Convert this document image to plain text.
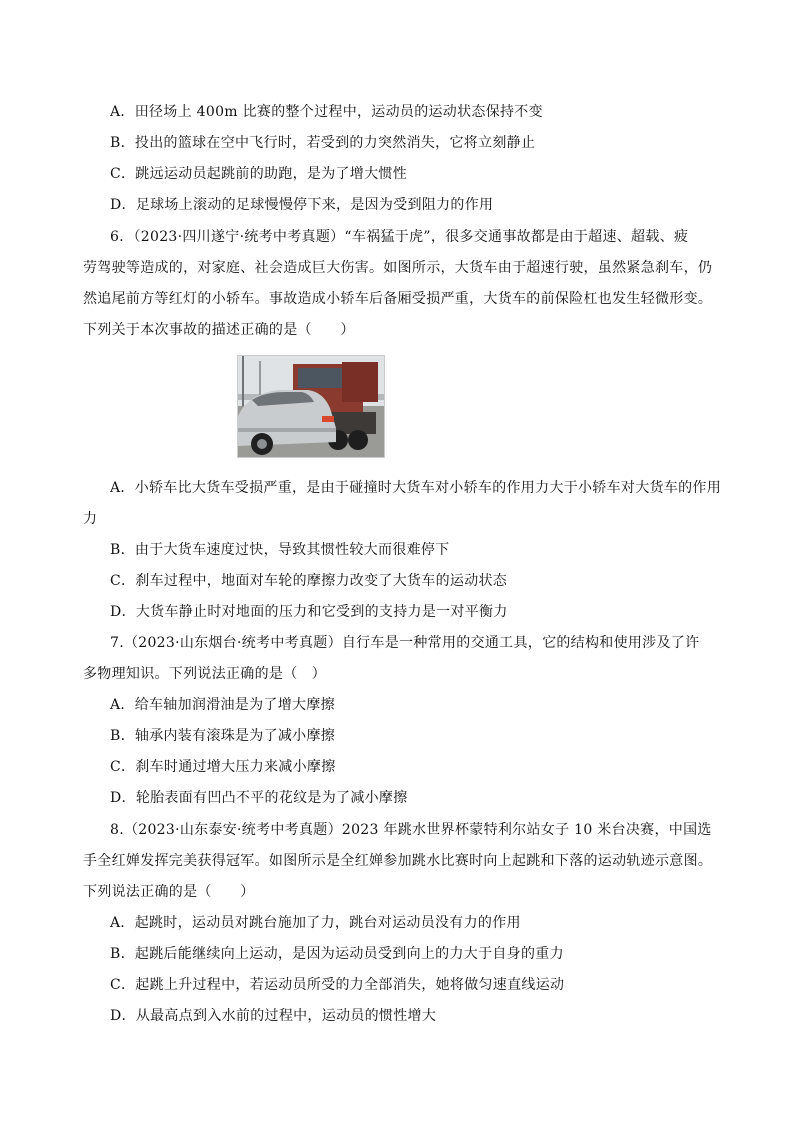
A．田径场上 400m 比赛的整个过程中，运动员的运动状态保持不变
B．投出的篮球在空中飞行时，若受到的力突然消失，它将立刻静止
C．跳远运动员起跳前的助跑，是为了增大惯性
D．足球场上滚动的足球慢慢停下来，是因为受到阻力的作用
6．（2023·四川遂宁·统考中考真题）“车祸猛于虎”，很多交通事故都是由于超速、超载、疲
劳驾驶等造成的，对家庭、社会造成巨大伤害。如图所示，大货车由于超速行驶，虽然紧急刹车，仍
然追尾前方等红灯的小轿车。事故造成小轿车后备厢受损严重，大货车的前保险杠也发生轻微形变。
下列关于本次事故的描述正确的是（　　）
A．小轿车比大货车受损严重，是由于碰撞时大货车对小轿车的作用力大于小轿车对大货车的作用
力
B．由于大货车速度过快，导致其惯性较大而很难停下
C．刹车过程中，地面对车轮的摩擦力改变了大货车的运动状态
D．大货车静止时对地面的压力和它受到的支持力是一对平衡力
7.（2023·山东烟台·统考中考真题）自行车是一种常用的交通工具，它的结构和使用涉及了许
多物理知识。下列说法正确的是（　）
A．给车轴加润滑油是为了增大摩擦
B．轴承内装有滚珠是为了减小摩擦
C．刹车时通过增大压力来减小摩擦
D．轮胎表面有凹凸不平的花纹是为了减小摩擦
8.（2023·山东泰安·统考中考真题）2023 年跳水世界杯蒙特利尔站女子 10 米台决赛，中国选
手全红婵发挥完美获得冠军。如图所示是全红婵参加跳水比赛时向上起跳和下落的运动轨迹示意图。
下列说法正确的是（　　）
A．起跳时，运动员对跳台施加了力，跳台对运动员没有力的作用
B．起跳后能继续向上运动，是因为运动员受到向上的力大于自身的重力
C．起跳上升过程中，若运动员所受的力全部消失，她将做匀速直线运动
D．从最高点到入水前的过程中，运动员的惯性增大
